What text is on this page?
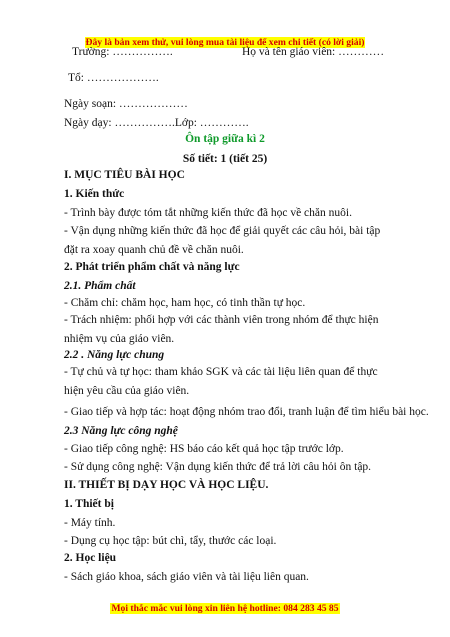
Đây là bản xem thử, vui lòng mua tài liệu để xem chi tiết (có lời giải)
Trường: …………….	Họ và tên giáo viên: …………
Tổ: ……………….
Ngày soạn: ………………
Ngày dạy: …………….Lớp: ………….
Ôn tập giữa kì 2
Số tiết: 1 (tiết 25)
I. MỤC TIÊU BÀI HỌC
1. Kiến thức
- Trình bày được tóm tắt những kiến thức đã học về chăn nuôi.
- Vận dụng những kiến thức đã học để giải quyết các câu hỏi, bài tập đặt ra xoay quanh chủ đề về chăn nuôi.
2. Phát triển phẩm chất và năng lực
2.1. Phẩm chất
- Chăm chỉ: chăm học, ham học, có tinh thần tự học.
- Trách nhiệm: phối hợp với các thành viên trong nhóm để thực hiện nhiệm vụ của giáo viên.
2.2 . Năng lực chung
- Tự chủ và tự học: tham khảo SGK và các tài liệu liên quan để thực hiện yêu cầu của giáo viên.
- Giao tiếp và hợp tác: hoạt động nhóm trao đổi, tranh luận để tìm hiểu bài học.
2.3 Năng lực công nghệ
- Giao tiếp công nghệ: HS báo cáo kết quả học tập trước lớp.
- Sử dụng công nghệ: Vận dụng kiến thức để trả lời câu hỏi ôn tập.
II. THIẾT BỊ DẠY HỌC VÀ HỌC LIỆU.
1. Thiết bị
- Máy tính.
- Dụng cụ học tập: bút chì, tẩy, thước các loại.
2. Học liệu
- Sách giáo khoa, sách giáo viên và tài liệu liên quan.
Mọi thắc mắc vui lòng xin liên hệ hotline: 084 283 45 85
